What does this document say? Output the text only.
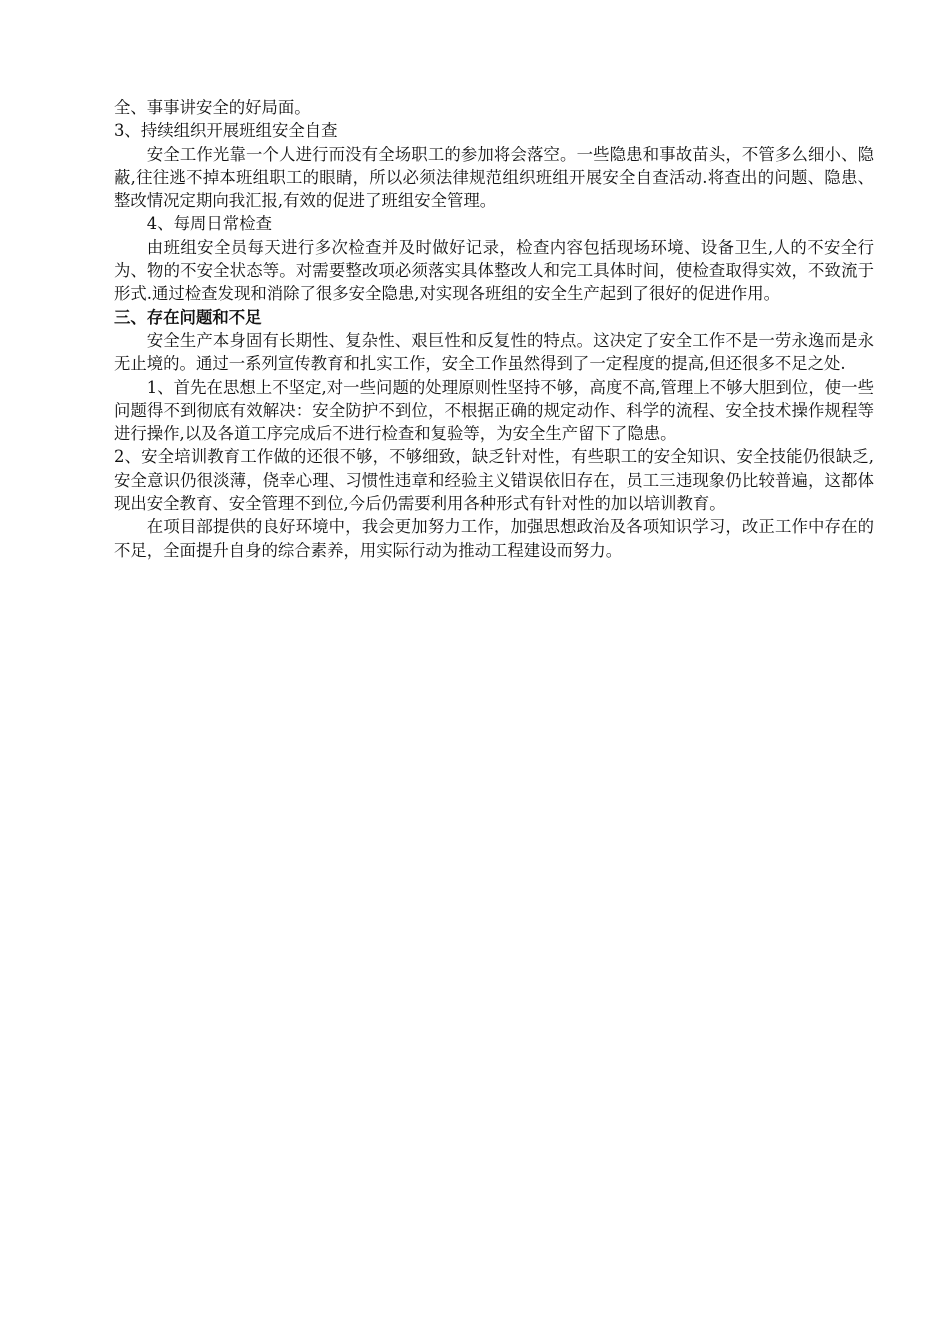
全、事事讲安全的好局面。

3、持续组织开展班组安全自查

安全工作光靠一个人进行而没有全场职工的参加将会落空。一些隐患和事故苗头，不管多么细小、隐蔽,往往逃不掉本班组职工的眼睛，所以必须法律规范组织班组开展安全自查活动.将查出的问题、隐患、整改情况定期向我汇报,有效的促进了班组安全管理。

4、每周日常检查

由班组安全员每天进行多次检查并及时做好记录，检查内容包括现场环境、设备卫生,人的不安全行为、物的不安全状态等。对需要整改项必须落实具体整改人和完工具体时间，使检查取得实效，不致流于形式.通过检查发现和消除了很多安全隐患,对实现各班组的安全生产起到了很好的促进作用。

三、存在问题和不足

安全生产本身固有长期性、复杂性、艰巨性和反复性的特点。这决定了安全工作不是一劳永逸而是永无止境的。通过一系列宣传教育和扎实工作，安全工作虽然得到了一定程度的提高,但还很多不足之处.

1、首先在思想上不坚定,对一些问题的处理原则性坚持不够，高度不高,管理上不够大胆到位，使一些问题得不到彻底有效解决：安全防护不到位，不根据正确的规定动作、科学的流程、安全技术操作规程等进行操作,以及各道工序完成后不进行检查和复验等，为安全生产留下了隐患。

2、安全培训教育工作做的还很不够，不够细致，缺乏针对性，有些职工的安全知识、安全技能仍很缺乏,安全意识仍很淡薄，侥幸心理、习惯性违章和经验主义错误依旧存在，员工三违现象仍比较普遍，这都体现出安全教育、安全管理不到位,今后仍需要利用各种形式有针对性的加以培训教育。

在项目部提供的良好环境中，我会更加努力工作，加强思想政治及各项知识学习，改正工作中存在的不足，全面提升自身的综合素养，用实际行动为推动工程建设而努力。
